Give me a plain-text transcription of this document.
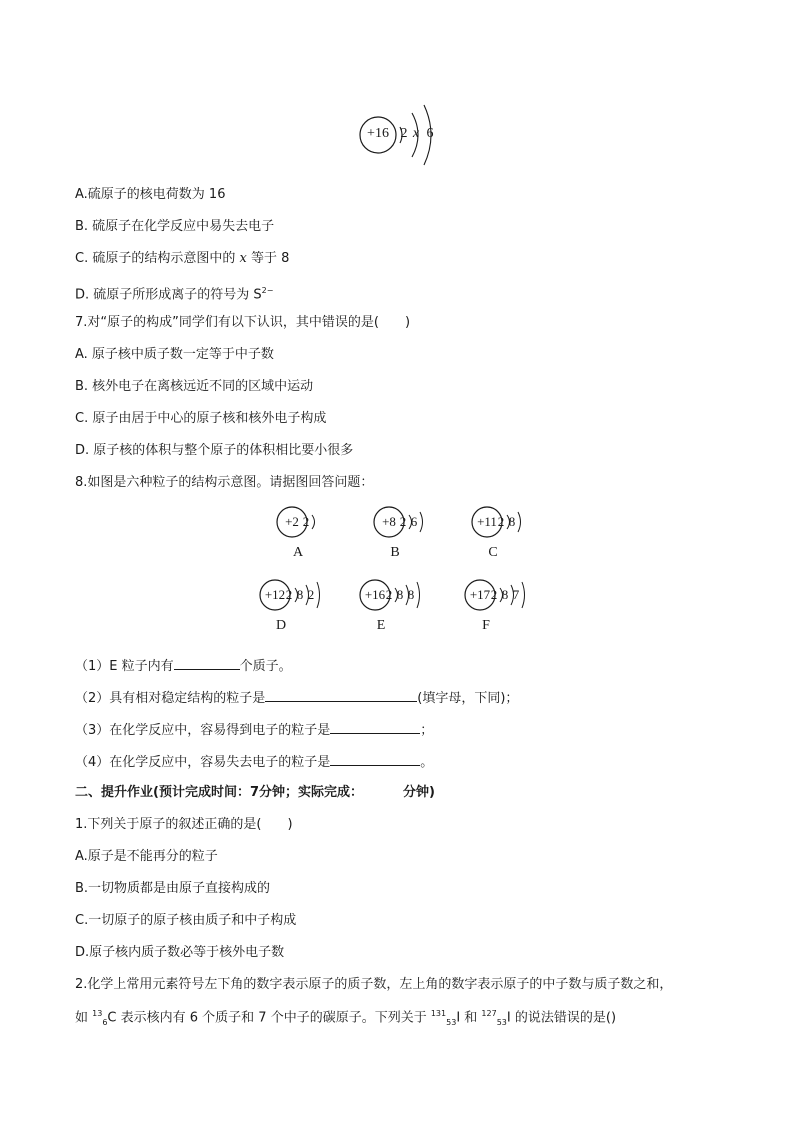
+16 2 x 6
A.硫原子的核电荷数为 16
B. 硫原子在化学反应中易失去电子
C. 硫原子的结构示意图中的 x 等于 8
D. 硫原子所形成离子的符号为 $S^{2-}$
7.对“原子的构成”同学们有以下认识，其中错误的是(　　)
A. 原子核中质子数一定等于中子数
B. 核外电子在离核远近不同的区域中运动
C. 原子由居于中心的原子核和核外电子构成
D. 原子核的体积与整个原子的体积相比要小很多
8.如图是六种粒子的结构示意图。请据图回答问题：
+2 2
A
+8 2 6
B
+11 2 8
C
+12 2 8 2
D
+16 2 8 8
E
+17 2 8 7
F
（1）E 粒子内有	个质子。
（2）具有相对稳定结构的粒子是	(填字母，下同)；
（3）在化学反应中，容易得到电子的粒子是	；
（4）在化学反应中，容易失去电子的粒子是	。
二、提升作业(预计完成时间：7分钟；实际完成：	分钟)
1.下列关于原子的叙述正确的是(　　)
A.原子是不能再分的粒子
B.一切物质都是由原子直接构成的
C.一切原子的原子核由质子和中子构成
D.原子核内质子数必等于核外电子数
2.化学上常用元素符号左下角的数字表示原子的质子数，左上角的数字表示原子的中子数与质子数之和，
如 $^{13}_6$C 表示核内有 6 个质子和 7 个中子的碳原子。下列关于 $^{131}_{53}$I 和 $^{127}_{53}$I 的说法错误的是()
